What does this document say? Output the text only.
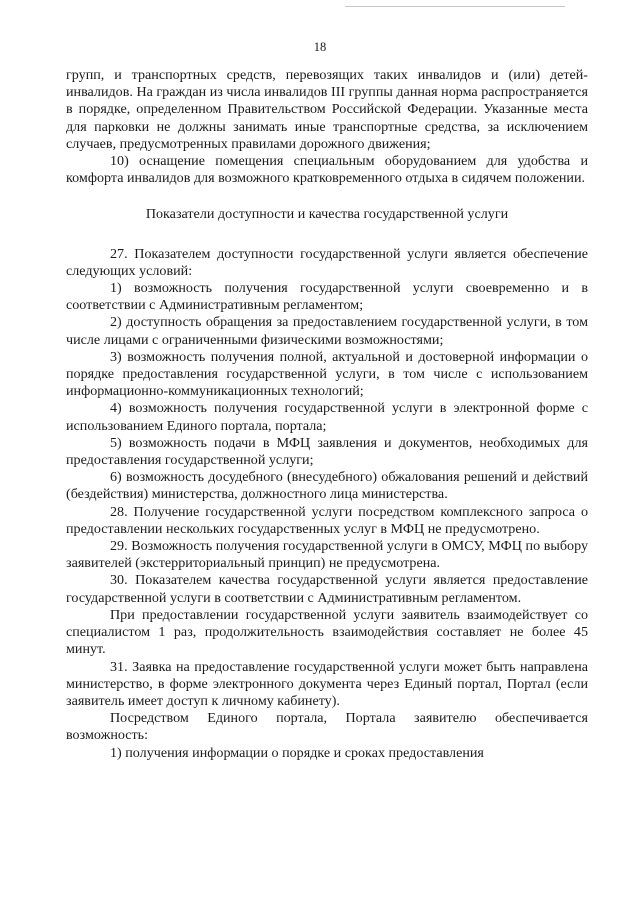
18

групп, и транспортных средств, перевозящих таких инвалидов и (или) детей-инвалидов. На граждан из числа инвалидов III группы данная норма распространяется в порядке, определенном Правительством Российской Федерации. Указанные места для парковки не должны занимать иные транспортные средства, за исключением случаев, предусмотренных правилами дорожного движения;

10) оснащение помещения специальным оборудованием для удобства и комфорта инвалидов для возможного кратковременного отдыха в сидячем положении.

Показатели доступности и качества государственной услуги

27. Показателем доступности государственной услуги является обеспечение следующих условий:

1) возможность получения государственной услуги своевременно и в соответствии с Административным регламентом;

2) доступность обращения за предоставлением государственной услуги, в том числе лицами с ограниченными физическими возможностями;

3) возможность получения полной, актуальной и достоверной информации о порядке предоставления государственной услуги, в том числе с использованием информационно-коммуникационных технологий;

4) возможность получения государственной услуги в электронной форме с использованием Единого портала, портала;

5) возможность подачи в МФЦ заявления и документов, необходимых для предоставления государственной услуги;

6) возможность досудебного (внесудебного) обжалования решений и действий (бездействия) министерства, должностного лица министерства.

28. Получение государственной услуги посредством комплексного запроса о предоставлении нескольких государственных услуг в МФЦ не предусмотрено.

29. Возможность получения государственной услуги в ОМСУ, МФЦ по выбору заявителей (экстерриториальный принцип) не предусмотрена.

30. Показателем качества государственной услуги является предоставление государственной услуги в соответствии с Административным регламентом.

При предоставлении государственной услуги заявитель взаимодействует со специалистом 1 раз, продолжительность взаимодействия составляет не более 45 минут.

31. Заявка на предоставление государственной услуги может быть направлена министерство, в форме электронного документа через Единый портал, Портал (если заявитель имеет доступ к личному кабинету).

Посредством Единого портала, Портала заявителю обеспечивается возможность:

1) получения информации о порядке и сроках предоставления
